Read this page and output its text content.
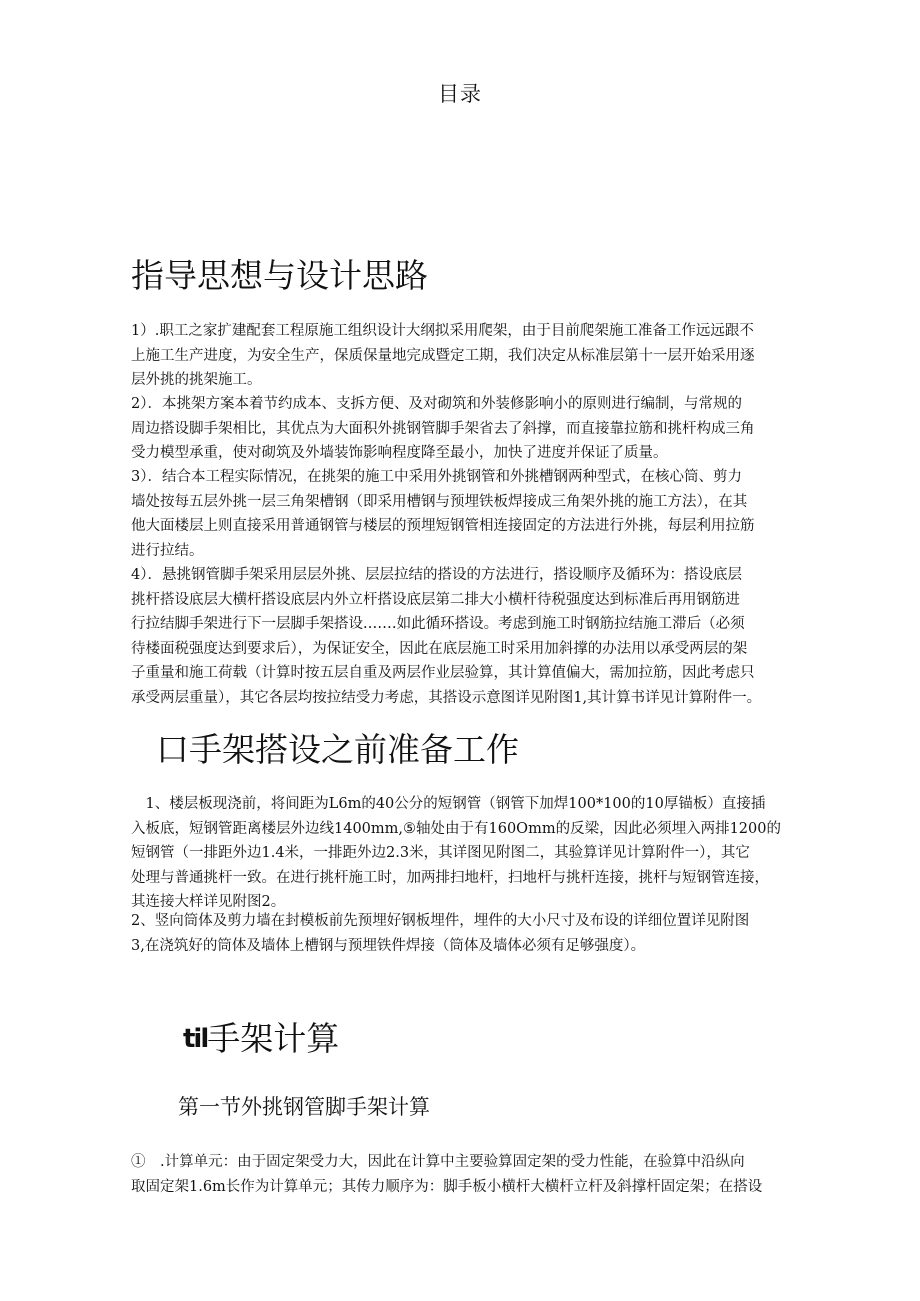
目录
指导思想与设计思路
1）.职工之家扩建配套工程原施工组织设计大纲拟采用爬架，由于目前爬架施工准备工作远远跟不
上施工生产进度，为安全生产，保质保量地完成暨定工期，我们决定从标准层第十一层开始采用逐
层外挑的挑架施工。
2）．本挑架方案本着节约成本、支拆方便、及对砌筑和外装修影响小的原则进行编制，与常规的
周边搭设脚手架相比，其优点为大面积外挑钢管脚手架省去了斜撑，而直接靠拉筋和挑杆构成三角
受力模型承重，使对砌筑及外墙装饰影响程度降至最小，加快了进度并保证了质量。
3）．结合本工程实际情况，在挑架的施工中采用外挑钢管和外挑槽钢两种型式，在核心筒、剪力
墙处按每五层外挑一层三角架槽钢（即采用槽钢与预埋铁板焊接成三角架外挑的施工方法），在其
他大面楼层上则直接采用普通钢管与楼层的预埋短钢管相连接固定的方法进行外挑，每层利用拉筋
进行拉结。
4）．悬挑钢管脚手架采用层层外挑、层层拉结的搭设的方法进行，搭设顺序及循环为：搭设底层
挑杆搭设底层大横杆搭设底层内外立杆搭设底层第二排大小横杆待税强度达到标准后再用钢筋进
行拉结脚手架进行下一层脚手架搭设.……如此循环搭设。考虑到施工时钢筋拉结施工滞后（必须
待楼面税强度达到要求后），为保证安全，因此在底层施工时采用加斜撑的办法用以承受两层的架
子重量和施工荷载（计算时按五层自重及两层作业层验算，其计算值偏大，需加拉筋，因此考虑只
承受两层重量），其它各层均按拉结受力考虑，其搭设示意图详见附图1,其计算书详见计算附件一。
口手架搭设之前准备工作
　1、楼层板现浇前，将间距为L6m的40公分的短钢管（钢管下加焊100*100的10厚锚板）直接插
入板底，短钢管距离楼层外边线1400mm,⑤轴处由于有160Omm的反梁，因此必须埋入两排1200的
短钢管（一排距外边1.4米，一排距外边2.3米，其详图见附图二，其验算详见计算附件一），其它
处理与普通挑杆一致。在进行挑杆施工时，加两排扫地杆，扫地杆与挑杆连接，挑杆与短钢管连接，
其连接大样详见附图2。
2、竖向筒体及剪力墙在封模板前先预埋好钢板埋件，埋件的大小尺寸及布设的详细位置详见附图
3,在浇筑好的筒体及墙体上槽钢与预埋铁件焊接（筒体及墙体必须有足够强度）。
til手架计算
第一节外挑钢管脚手架计算
①　.计算单元：由于固定架受力大，因此在计算中主要验算固定架的受力性能，在验算中沿纵向
取固定架1.6m长作为计算单元；其传力顺序为：脚手板小横杆大横杆立杆及斜撑杆固定架；在搭设
